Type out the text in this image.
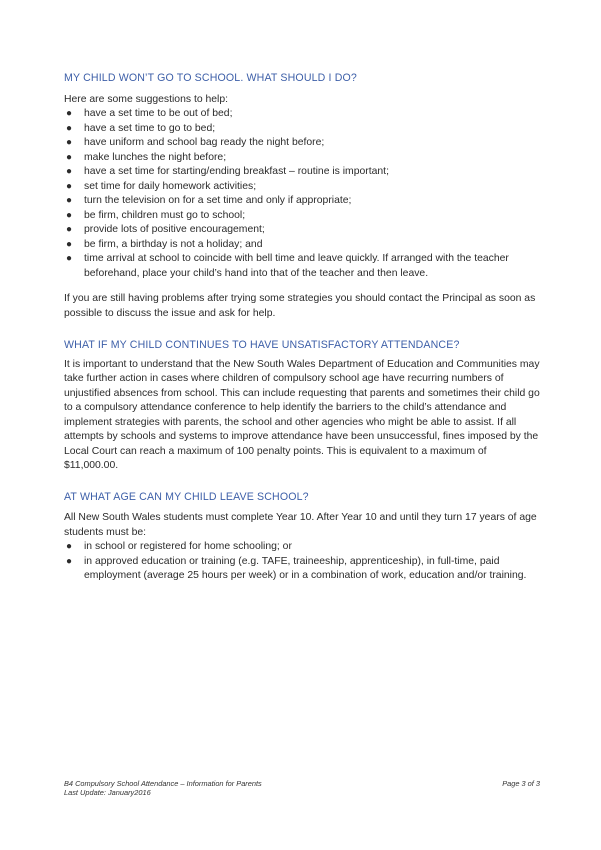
MY CHILD WON’T GO TO SCHOOL. WHAT SHOULD I DO?

Here are some suggestions to help:

● have a set time to be out of bed;
● have a set time to go to bed;
● have uniform and school bag ready the night before;
● make lunches the night before;
● have a set time for starting/ending breakfast – routine is important;
● set time for daily homework activities;
● turn the television on for a set time and only if appropriate;
● be firm, children must go to school;
● provide lots of positive encouragement;
● be firm, a birthday is not a holiday; and
● time arrival at school to coincide with bell time and leave quickly. If arranged with the teacher beforehand, place your child’s hand into that of the teacher and then leave.

If you are still having problems after trying some strategies you should contact the Principal as soon as possible to discuss the issue and ask for help.

WHAT IF MY CHILD CONTINUES TO HAVE UNSATISFACTORY ATTENDANCE?

It is important to understand that the New South Wales Department of Education and Communities may take further action in cases where children of compulsory school age have recurring numbers of unjustified absences from school. This can include requesting that parents and sometimes their child go to a compulsory attendance conference to help identify the barriers to the child’s attendance and implement strategies with parents, the school and other agencies who might be able to assist. If all attempts by schools and systems to improve attendance have been unsuccessful, fines imposed by the Local Court can reach a maximum of 100 penalty points. This is equivalent to a maximum of $11,000.00.

AT WHAT AGE CAN MY CHILD LEAVE SCHOOL?

All New South Wales students must complete Year 10. After Year 10 and until they turn 17 years of age students must be:

● in school or registered for home schooling; or
● in approved education or training (e.g. TAFE, traineeship, apprenticeship), in full-time, paid employment (average 25 hours per week) or in a combination of work, education and/or training.
B4 Compulsory School Attendance – Information for Parents
Last Update: January2016
Page 3 of 3
